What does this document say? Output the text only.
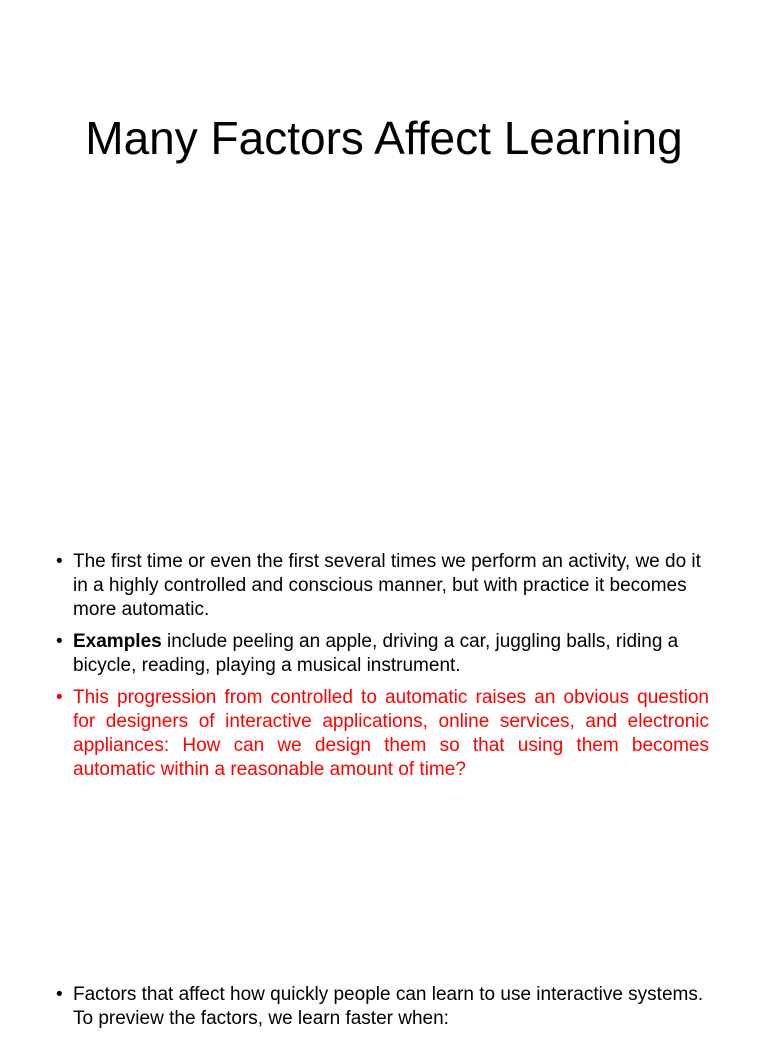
Many Factors Affect Learning
• The first time or even the first several times we perform an activity, we do it in a highly controlled and conscious manner, but with practice it becomes more automatic.
• Examples include peeling an apple, driving a car, juggling balls, riding a bicycle, reading, playing a musical instrument.
• This progression from controlled to automatic raises an obvious question for designers of interactive applications, online services, and electronic appliances: How can we design them so that using them becomes automatic within a reasonable amount of time?
• Factors that affect how quickly people can learn to use interactive systems. To preview the factors, we learn faster when:
